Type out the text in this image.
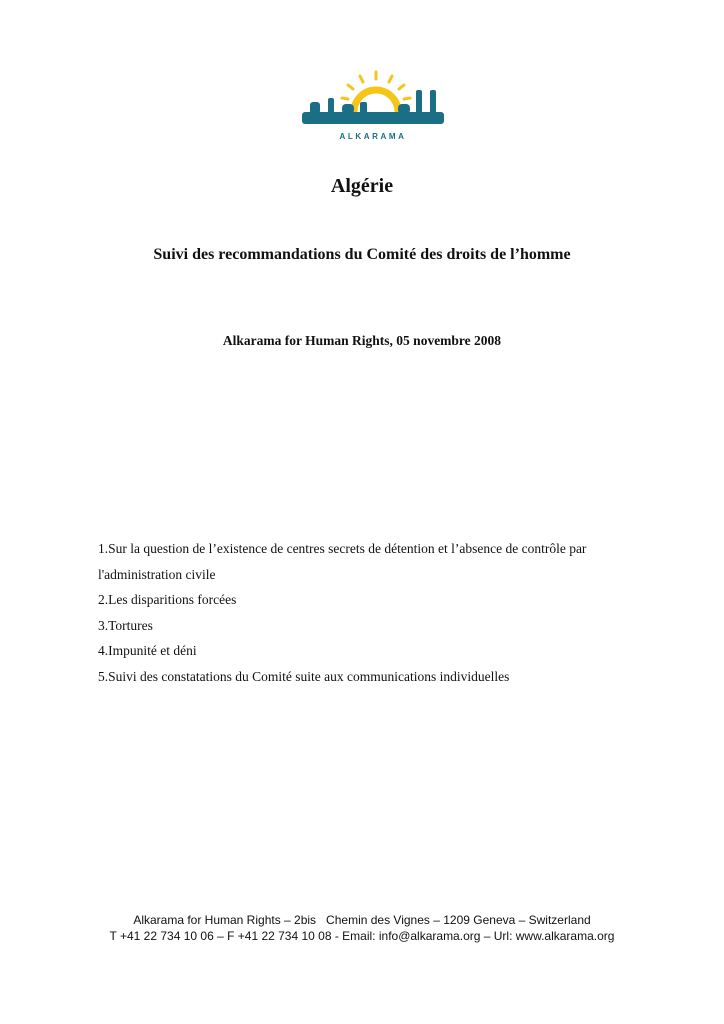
ALKARAMA
Algérie
Suivi des recommandations du Comité des droits de l’homme
Alkarama for Human Rights, 05 novembre 2008
1.Sur la question de l’existence de centres secrets de détention et l’absence de contrôle par
l'administration civile
2.Les disparitions forcées
3.Tortures
4.Impunité et déni
5.Suivi des constatations du Comité suite aux communications individuelles
Alkarama for Human Rights – 2bis   Chemin des Vignes – 1209 Geneva – Switzerland
T +41 22 734 10 06 – F +41 22 734 10 08 - Email: info@alkarama.org – Url: www.alkarama.org
